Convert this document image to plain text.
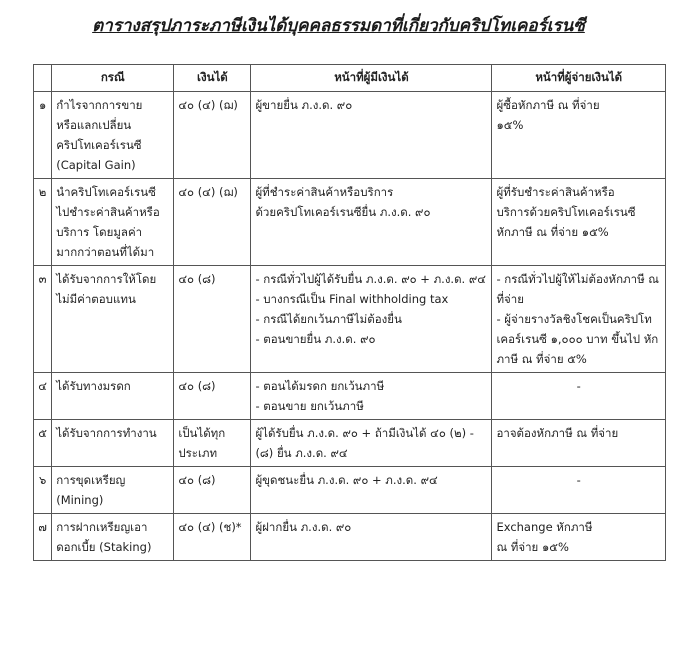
ตารางสรุปภาระภาษีเงินได้บุคคลธรรมดาที่เกี่ยวกับคริปโทเคอร์เรนซี
	กรณี	เงินได้	หน้าที่ผู้มีเงินได้	หน้าที่ผู้จ่ายเงินได้
๑	กำไรจากการขาย
หรือแลกเปลี่ยน
คริปโทเคอร์เรนซี
(Capital Gain)	๔๐ (๔) (ฌ)	ผู้ขายยื่น ภ.ง.ด. ๙๐	ผู้ซื้อหักภาษี ณ ที่จ่าย
๑๕%

๒	นำคริปโทเคอร์เรนซี
ไปชำระค่าสินค้าหรือ
บริการ โดยมูลค่า
มากกว่าตอนที่ได้มา	๔๐ (๔) (ฌ)	ผู้ที่ชำระค่าสินค้าหรือบริการ
ด้วยคริปโทเคอร์เรนซียื่น ภ.ง.ด. ๙๐	ผู้ที่รับชำระค่าสินค้าหรือ
บริการด้วยคริปโทเคอร์เรนซี
หักภาษี ณ ที่จ่าย ๑๕%

๓	ได้รับจากการให้โดย
ไม่มีค่าตอบแทน	๔๐ (๘)	- กรณีทั่วไปผู้ได้รับยื่น ภ.ง.ด. ๙๐ + ภ.ง.ด. ๙๔
- บางกรณีเป็น Final withholding tax
- กรณีได้ยกเว้นภาษีไม่ต้องยื่น
- ตอนขายยื่น ภ.ง.ด. ๙๐	- กรณีทั่วไปผู้ให้ไม่ต้องหักภาษี ณ ที่จ่าย
- ผู้จ่ายรางวัลชิงโชคเป็นคริปโทเคอร์เรนซี ๑,๐๐๐ บาท ขึ้นไป หักภาษี ณ ที่จ่าย ๕%

๔	ได้รับทางมรดก	๔๐ (๘)	- ตอนได้มรดก ยกเว้นภาษี
- ตอนขาย ยกเว้นภาษี	-

๕	ได้รับจากการทำงาน	เป็นได้ทุกประเภท	ผู้ได้รับยื่น ภ.ง.ด. ๙๐ + ถ้ามีเงินได้ ๔๐ (๒) - (๘) ยื่น ภ.ง.ด. ๙๔	อาจต้องหักภาษี ณ ที่จ่าย

๖	การขุดเหรียญ
(Mining)	๔๐ (๘)	ผู้ขุดชนะยื่น ภ.ง.ด. ๙๐ + ภ.ง.ด. ๙๔	-

๗	การฝากเหรียญเอา
ดอกเบี้ย (Staking)	๔๐ (๔) (ช)*	ผู้ฝากยื่น ภ.ง.ด. ๙๐	Exchange หักภาษี
ณ ที่จ่าย ๑๕%
